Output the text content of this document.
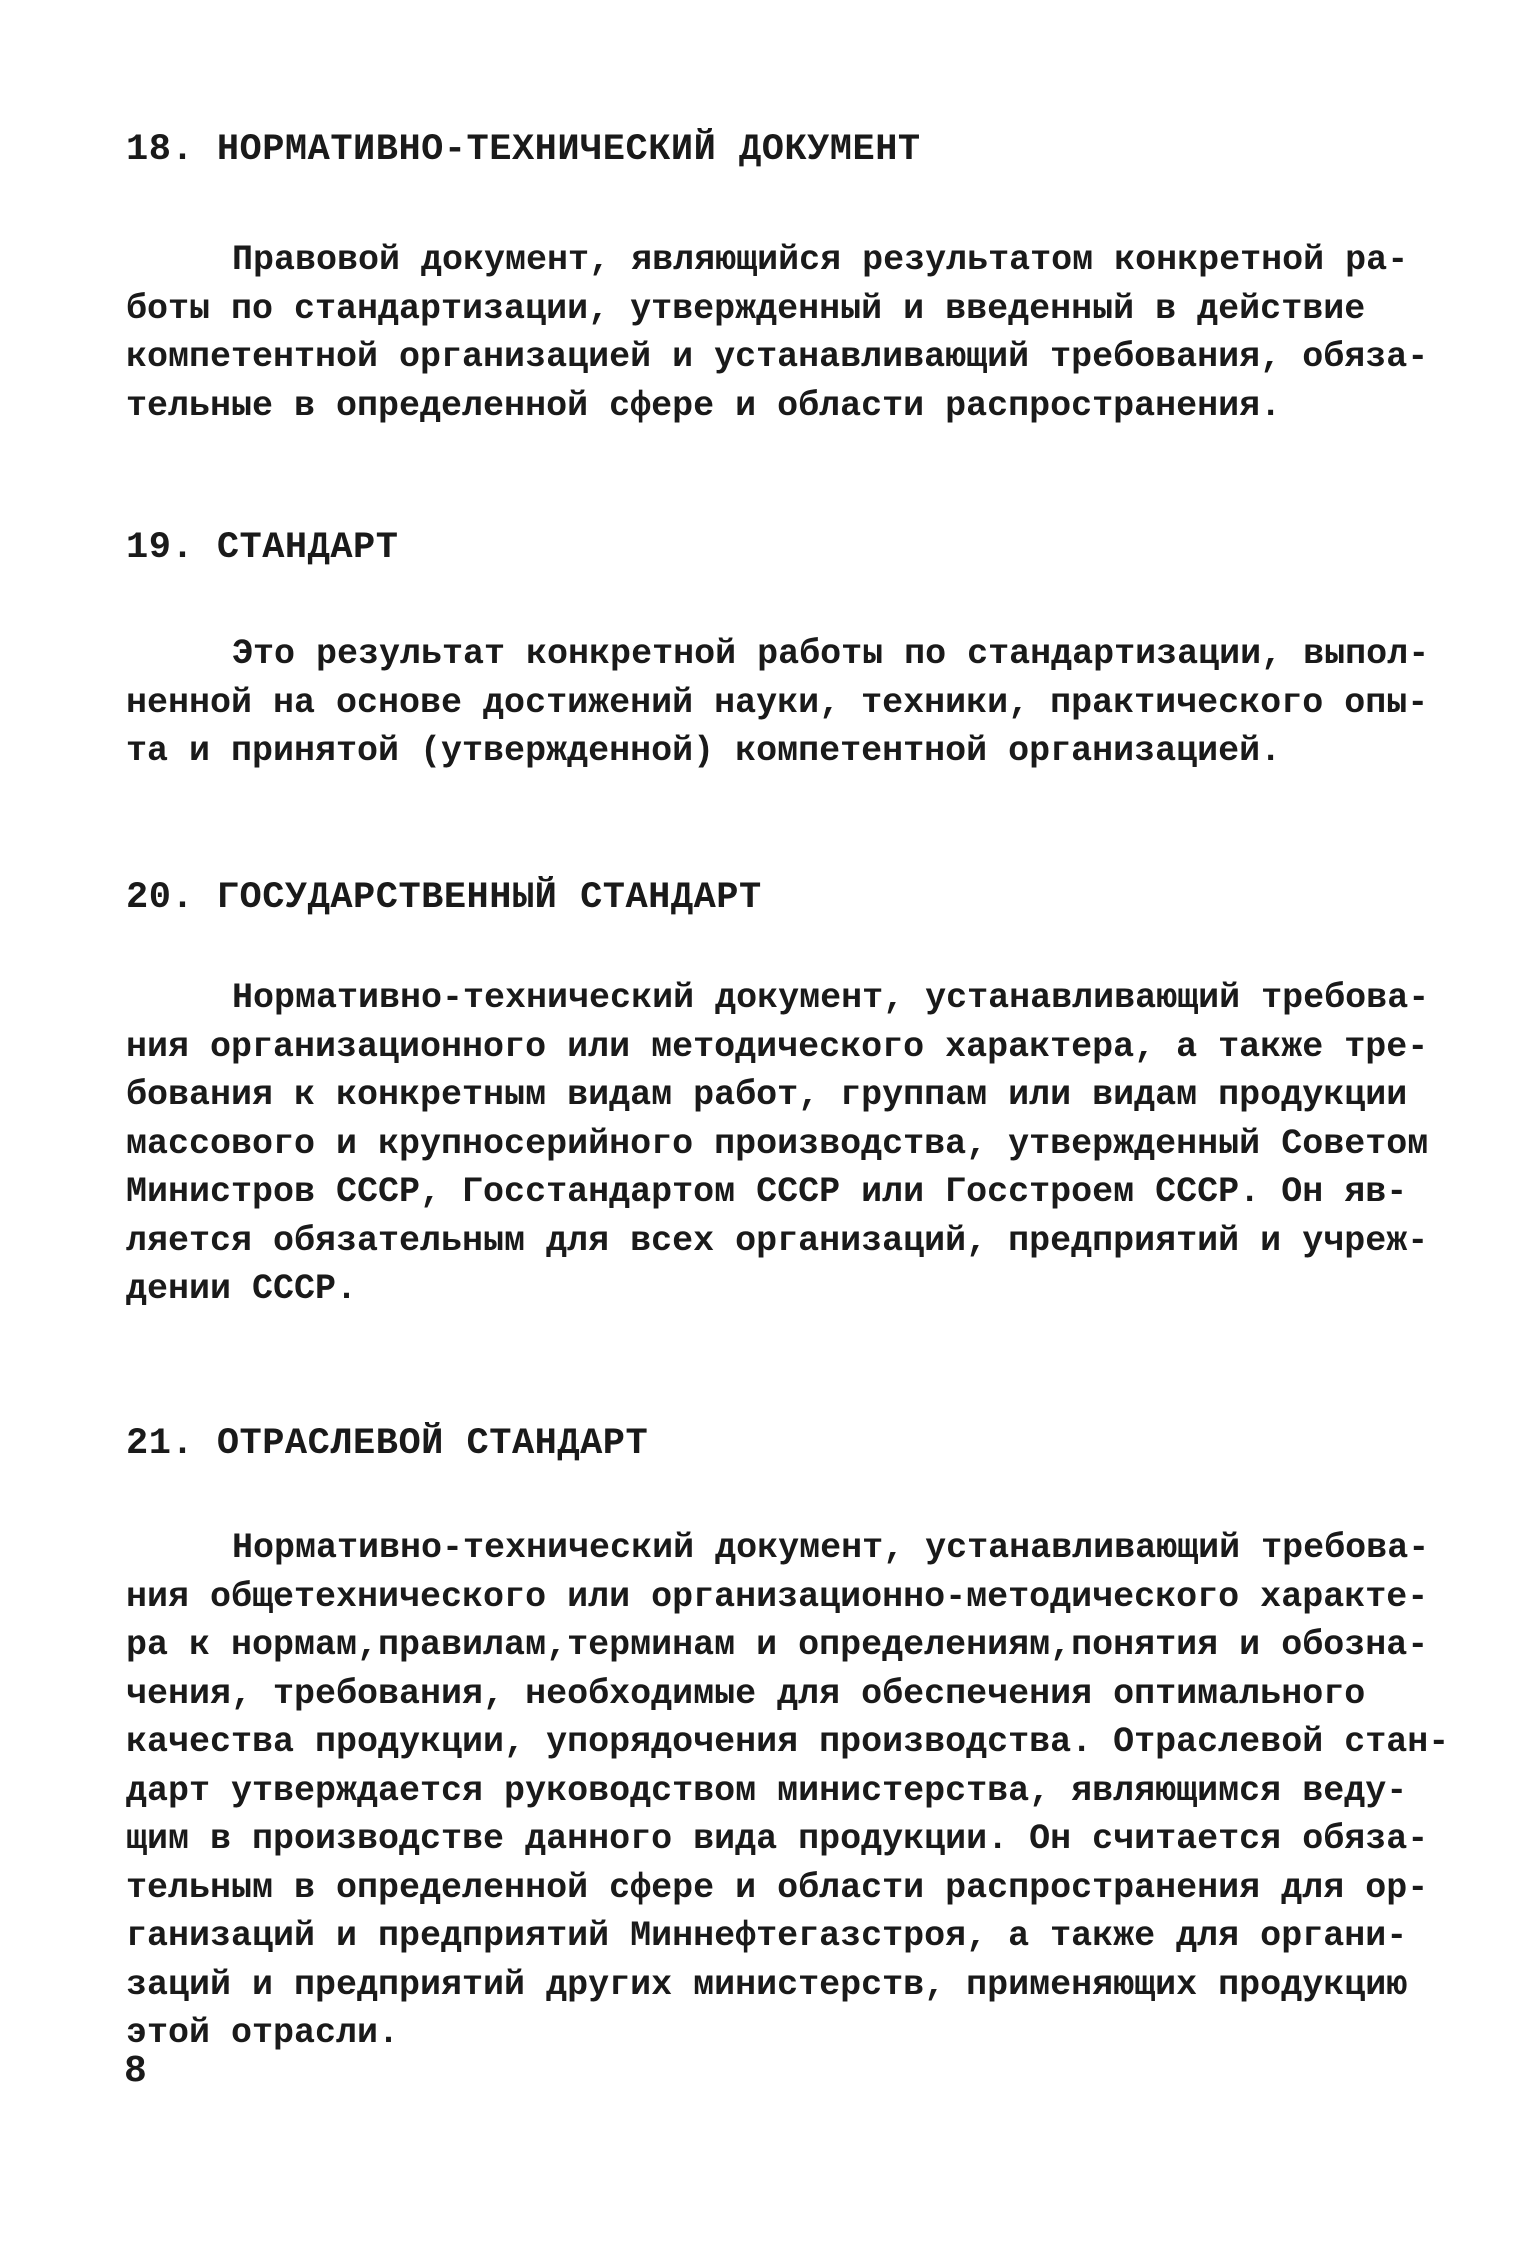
18. НОРМАТИВНО-ТЕХНИЧЕСКИЙ ДОКУМЕНТ

Правовой документ, являющийся результатом конкретной ра-
боты по стандартизации, утвержденный и введенный в действие
компетентной организацией и устанавливающий требования, обяза-
тельные в определенной сфере и области распространения.

19. СТАНДАРТ

Это результат конкретной работы по стандартизации, выпол-
ненной на основе достижений науки, техники, практического опы-
та и принятой (утвержденной) компетентной организацией.

20. ГОСУДАРСТВЕННЫЙ СТАНДАРТ

Нормативно-технический документ, устанавливающий требова-
ния организационного или методического характера, а также тре-
бования к конкретным видам работ, группам или видам продукции
массового и крупносерийного производства, утвержденный Советом
Министров СССР, Госстандартом СССР или Госстроем СССР. Он яв-
ляется обязательным для всех организаций, предприятий и учреж-
дении СССР.

21. ОТРАСЛЕВОЙ СТАНДАРТ

Нормативно-технический документ, устанавливающий требова-
ния общетехнического или организационно-методического характе-
ра к нормам,правилам,терминам и определениям,понятия и обозна-
чения, требования, необходимые для обеспечения оптимального
качества продукции, упорядочения производства. Отраслевой стан-
дарт утверждается руководством министерства, являющимся веду-
щим в производстве данного вида продукции. Он считается обяза-
тельным в определенной сфере и области распространения для ор-
ганизаций и предприятий Миннефтегазстроя, а также для органи-
заций и предприятий других министерств, применяющих продукцию
этой отрасли.

8
